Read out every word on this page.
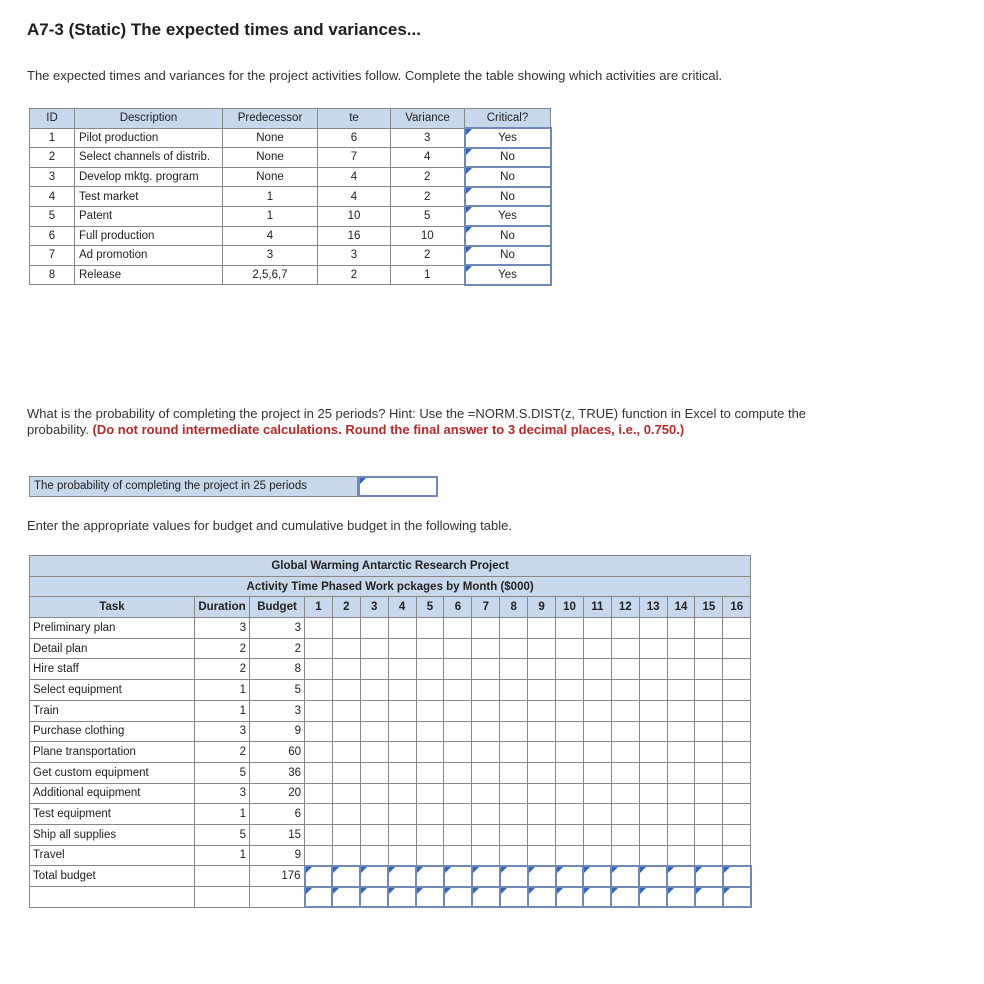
A7-3 (Static) The expected times and variances...
The expected times and variances for the project activities follow. Complete the table showing which activities are critical.
ID	Description	Predecessor	te	Variance	Critical?
1	Pilot production	None	6	3	Yes
2	Select channels of distrib.	None	7	4	No
3	Develop mktg. program	None	4	2	No
4	Test market	1	4	2	No
5	Patent	1	10	5	Yes
6	Full production	4	16	10	No
7	Ad promotion	3	3	2	No
8	Release	2,5,6,7	2	1	Yes
What is the probability of completing the project in 25 periods? Hint: Use the =NORM.S.DIST(z, TRUE) function in Excel to compute the probability. (Do not round intermediate calculations. Round the final answer to 3 decimal places, i.e., 0.750.)
The probability of completing the project in 25 periods
Enter the appropriate values for budget and cumulative budget in the following table.
Global Warming Antarctic Research Project																		
Activity Time Phased Work pckages by Month ($000)																		
Task	Duration	Budget	1	2	3	4	5	6	7	8	9	10	11	12	13	14	15	16
Preliminary plan	3	3																
Detail plan	2	2																
Hire staff	2	8																
Select equipment	1	5																
Train	1	3																
Purchase clothing	3	9																
Plane transportation	2	60																
Get custom equipment	5	36																
Additional equipment	3	20																
Test equipment	1	6																
Ship all supplies	5	15																
Travel	1	9																
Total budget		176	
